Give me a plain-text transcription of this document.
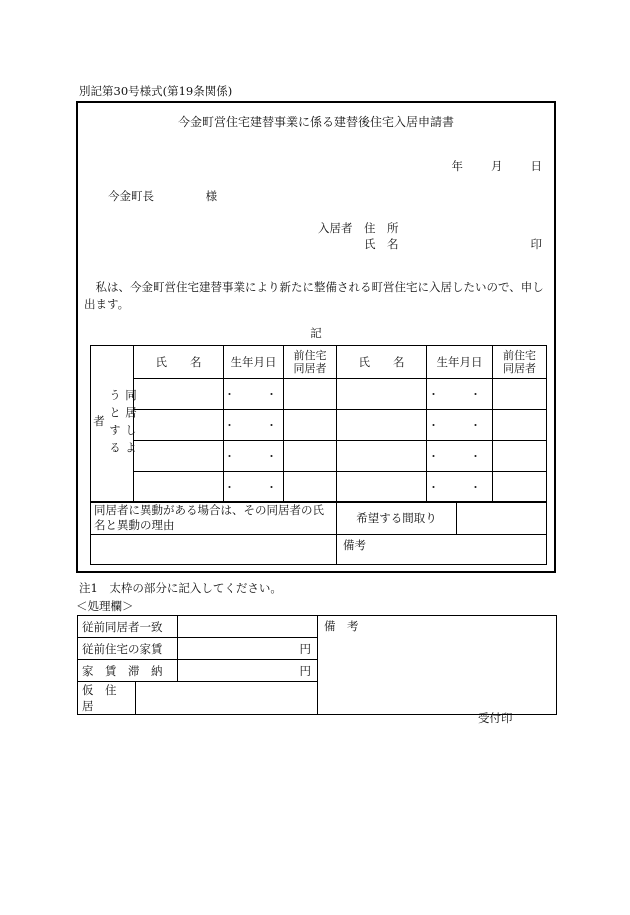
別記第30号様式(第19条関係)
今金町営住宅建替事業に係る建替後住宅入居申請書
年 月 日
今金町長	様
入居者 住　所
氏　名	印
私は、今金町営住宅建替事業により新たに整備される町営住宅に入居したいので、申し出ます。
記
同居しようとする者	氏　　名	生年月日	前住宅同居者	氏　　名	生年月日	前住宅同居者
		・　・			・　・	
		・　・			・　・	
		・　・			・　・	
		・　・			・　・	
同居者に異動がある場合は、その同居者の氏名と異動の理由	希望する間取り	
	備考	
注1　太枠の部分に記入してください。
＜処理欄＞
従前同居者一致			備　考
従前住宅の家賃		円	
家　賃　滞　納		円	
仮　住　居			
受付印
